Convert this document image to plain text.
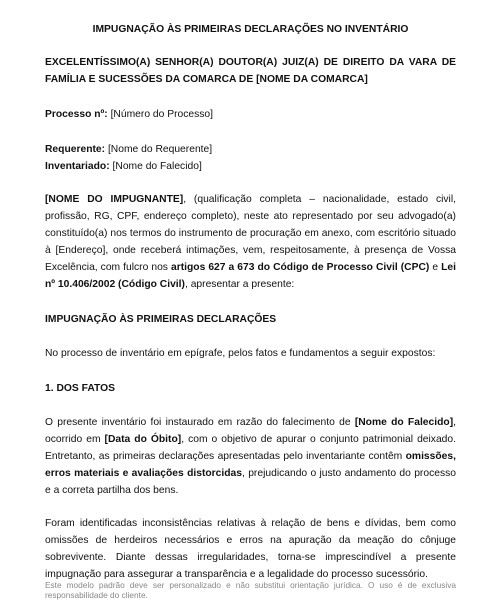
IMPUGNAÇÃO ÀS PRIMEIRAS DECLARAÇÕES NO INVENTÁRIO

EXCELENTÍSSIMO(A) SENHOR(A) DOUTOR(A) JUIZ(A) DE DIREITO DA VARA DE FAMÍLIA E SUCESSÕES DA COMARCA DE [NOME DA COMARCA]

Processo nº: [Número do Processo]

Requerente: [Nome do Requerente]

Inventariado: [Nome do Falecido]

[NOME DO IMPUGNANTE], (qualificação completa – nacionalidade, estado civil, profissão, RG, CPF, endereço completo), neste ato representado por seu advogado(a) constituído(a) nos termos do instrumento de procuração em anexo, com escritório situado à [Endereço], onde receberá intimações, vem, respeitosamente, à presença de Vossa Excelência, com fulcro nos artigos 627 a 673 do Código de Processo Civil (CPC) e Lei nº 10.406/2002 (Código Civil), apresentar a presente:

IMPUGNAÇÃO ÀS PRIMEIRAS DECLARAÇÕES

No processo de inventário em epígrafe, pelos fatos e fundamentos a seguir expostos:

1. DOS FATOS

O presente inventário foi instaurado em razão do falecimento de [Nome do Falecido], ocorrido em [Data do Óbito], com o objetivo de apurar o conjunto patrimonial deixado. Entretanto, as primeiras declarações apresentadas pelo inventariante contêm omissões, erros materiais e avaliações distorcidas, prejudicando o justo andamento do processo e a correta partilha dos bens.

Foram identificadas inconsistências relativas à relação de bens e dívidas, bem como omissões de herdeiros necessários e erros na apuração da meação do cônjuge sobrevivente. Diante dessas irregularidades, torna-se imprescindível a presente impugnação para assegurar a transparência e a legalidade do processo sucessório.

Este modelo padrão deve ser personalizado e não substitui orientação jurídica. O uso é de exclusiva responsabilidade do cliente.
